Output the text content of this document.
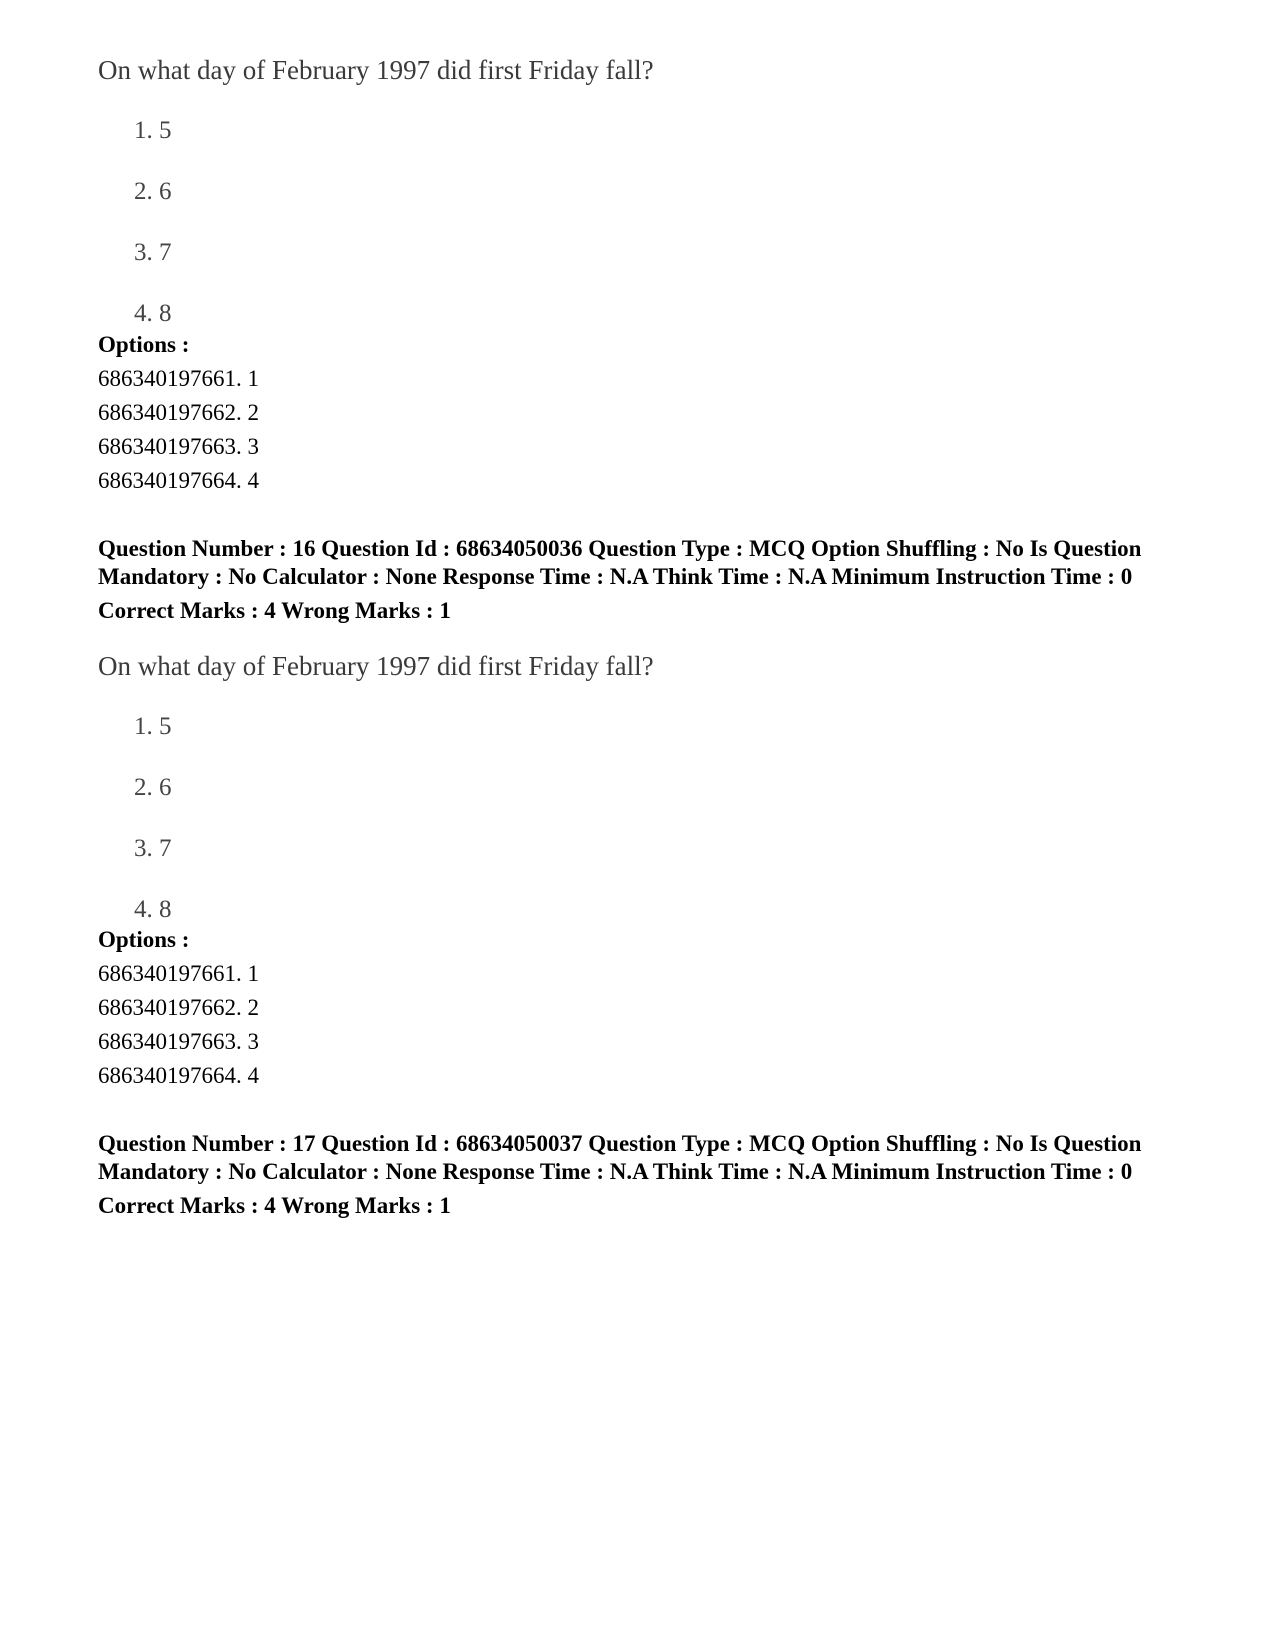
On what day of February 1997 did first Friday fall?

1. 5
2. 6
3. 7
4. 8

Options :

686340197661. 1

686340197662. 2

686340197663. 3

686340197664. 4

Question Number : 16 Question Id : 68634050036 Question Type : MCQ Option Shuffling : No Is Question Mandatory : No Calculator : None Response Time : N.A Think Time : N.A Minimum Instruction Time : 0

Correct Marks : 4 Wrong Marks : 1

On what day of February 1997 did first Friday fall?

1. 5
2. 6
3. 7
4. 8

Options :

686340197661. 1

686340197662. 2

686340197663. 3

686340197664. 4

Question Number : 17 Question Id : 68634050037 Question Type : MCQ Option Shuffling : No Is Question Mandatory : No Calculator : None Response Time : N.A Think Time : N.A Minimum Instruction Time : 0

Correct Marks : 4 Wrong Marks : 1
